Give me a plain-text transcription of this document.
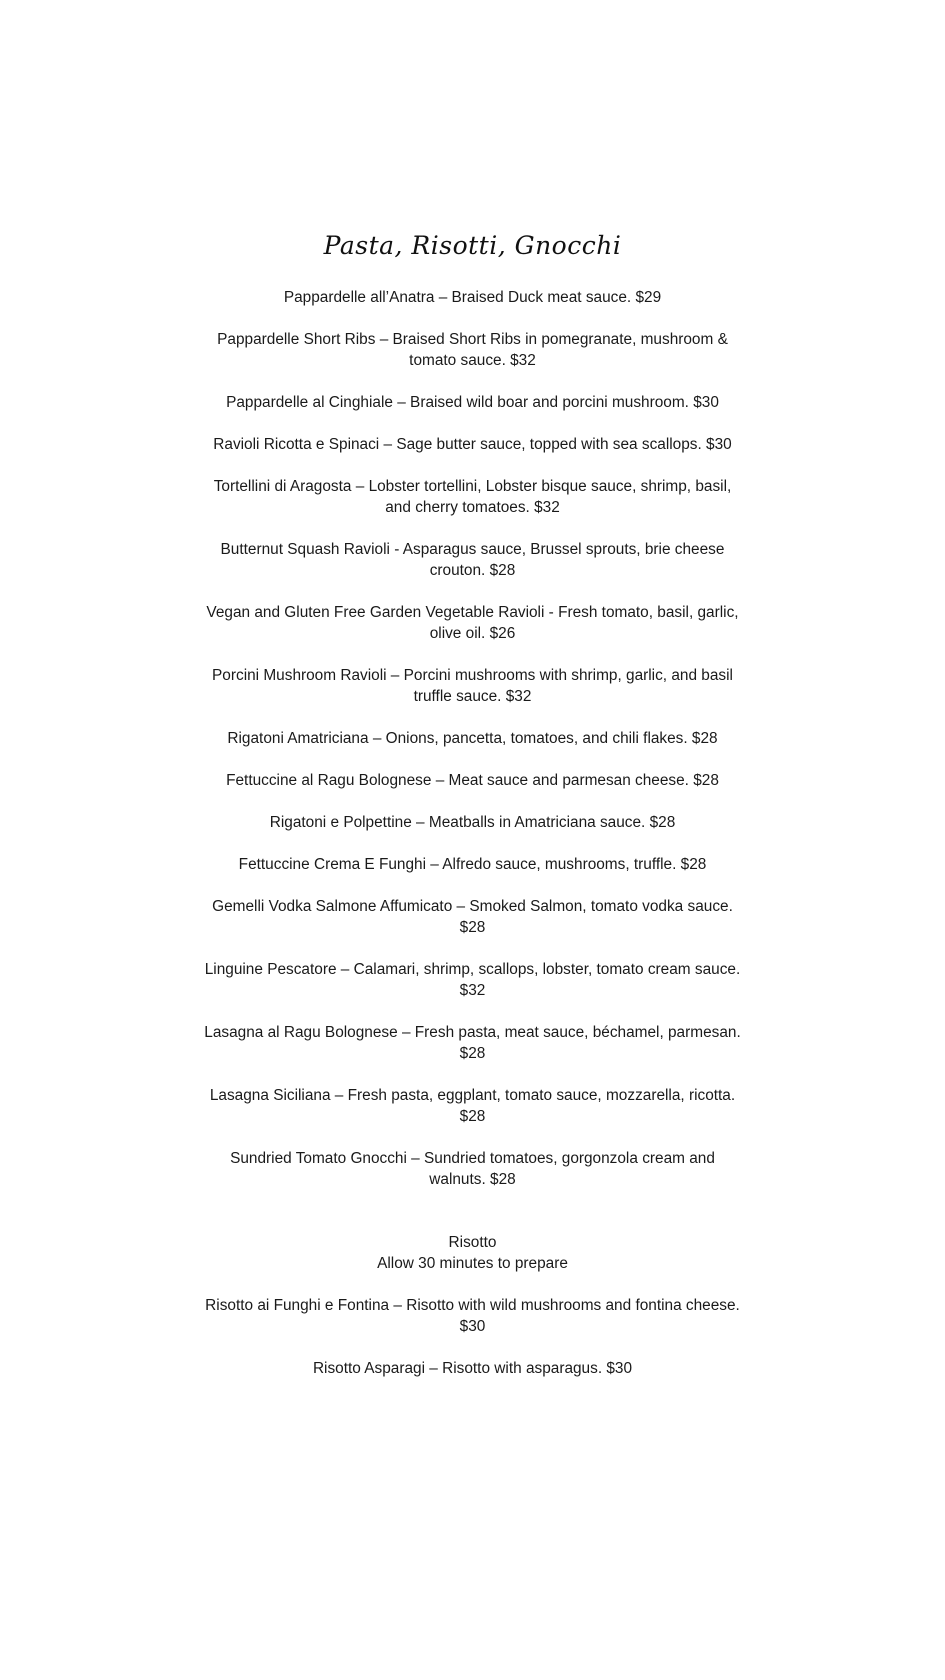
Pasta, Risotti, Gnocchi

Pappardelle all’Anatra – Braised Duck meat sauce. $29

Pappardelle Short Ribs – Braised Short Ribs in pomegranate, mushroom & tomato sauce. $32

Pappardelle al Cinghiale – Braised wild boar and porcini mushroom. $30

Ravioli Ricotta e Spinaci – Sage butter sauce, topped with sea scallops. $30

Tortellini di Aragosta – Lobster tortellini, Lobster bisque sauce, shrimp, basil, and cherry tomatoes. $32

Butternut Squash Ravioli - Asparagus sauce, Brussel sprouts, brie cheese crouton. $28

Vegan and Gluten Free Garden Vegetable Ravioli - Fresh tomato, basil, garlic, olive oil. $26

Porcini Mushroom Ravioli – Porcini mushrooms with shrimp, garlic, and basil truffle sauce. $32

Rigatoni Amatriciana – Onions, pancetta, tomatoes, and chili flakes. $28

Fettuccine al Ragu Bolognese – Meat sauce and parmesan cheese. $28

Rigatoni e Polpettine – Meatballs in Amatriciana sauce. $28

Fettuccine Crema E Funghi – Alfredo sauce, mushrooms, truffle. $28

Gemelli Vodka Salmone Affumicato – Smoked Salmon, tomato vodka sauce. $28

Linguine Pescatore – Calamari, shrimp, scallops, lobster, tomato cream sauce. $32

Lasagna al Ragu Bolognese – Fresh pasta, meat sauce, béchamel, parmesan. $28

Lasagna Siciliana – Fresh pasta, eggplant, tomato sauce, mozzarella, ricotta. $28

Sundried Tomato Gnocchi – Sundried tomatoes, gorgonzola cream and walnuts. $28

Risotto

Allow 30 minutes to prepare

Risotto ai Funghi e Fontina – Risotto with wild mushrooms and fontina cheese. $30

Risotto Asparagi – Risotto with asparagus. $30
